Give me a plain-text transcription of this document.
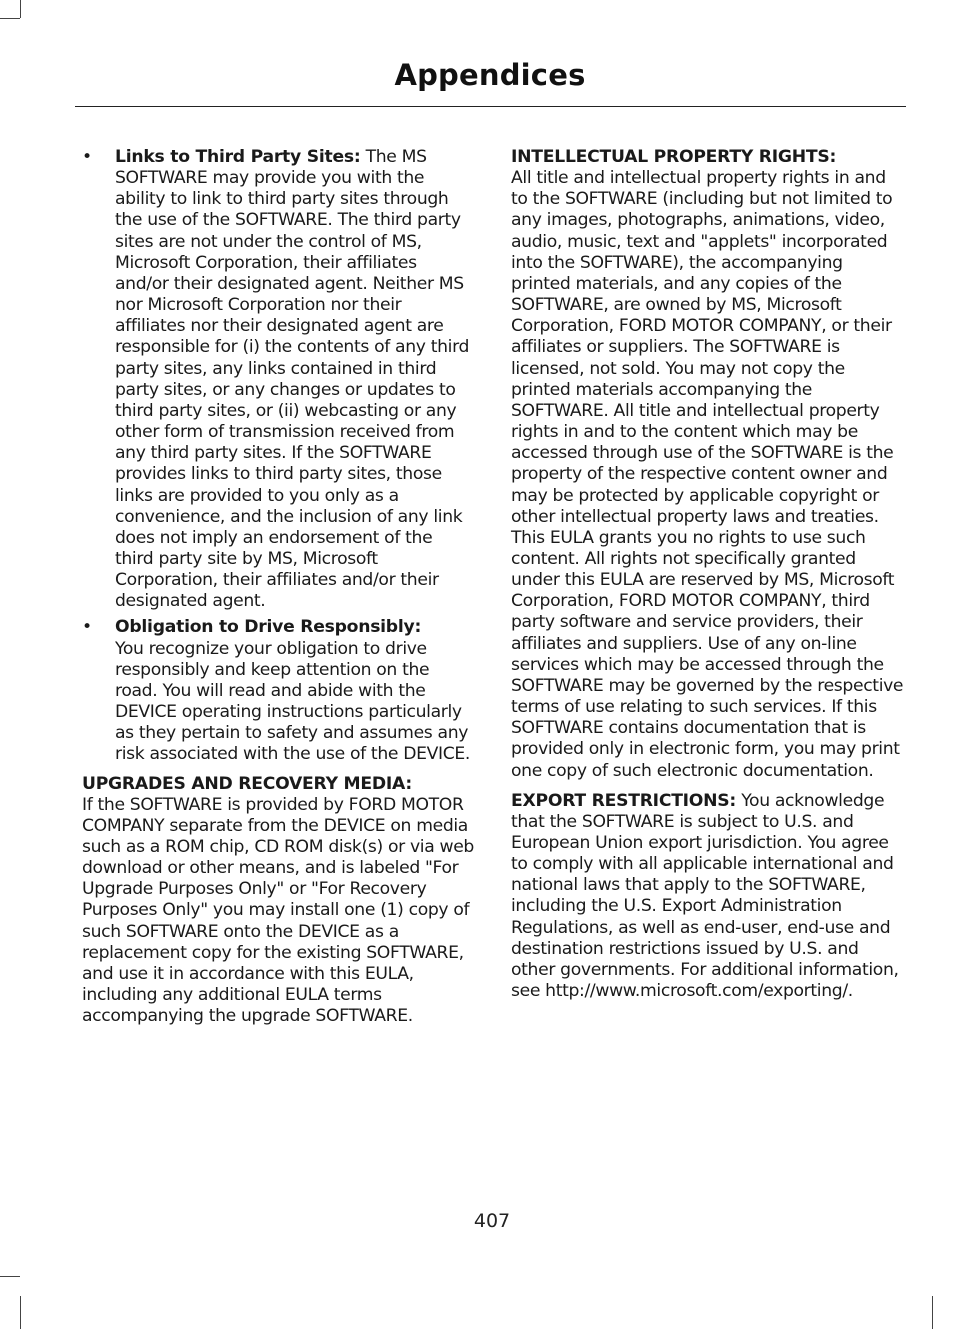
Appendices
• Links to Third Party Sites: The MS SOFTWARE may provide you with the ability to link to third party sites through the use of the SOFTWARE. The third party sites are not under the control of MS, Microsoft Corporation, their affiliates and/or their designated agent. Neither MS nor Microsoft Corporation nor their affiliates nor their designated agent are responsible for (i) the contents of any third party sites, any links contained in third party sites, or any changes or updates to third party sites, or (ii) webcasting or any other form of transmission received from any third party sites. If the SOFTWARE provides links to third party sites, those links are provided to you only as a convenience, and the inclusion of any link does not imply an endorsement of the third party site by MS, Microsoft Corporation, their affiliates and/or their designated agent.

• Obligation to Drive Responsibly:
You recognize your obligation to drive responsibly and keep attention on the road. You will read and abide with the DEVICE operating instructions particularly as they pertain to safety and assumes any risk associated with the use of the DEVICE.

UPGRADES AND RECOVERY MEDIA:
If the SOFTWARE is provided by FORD MOTOR COMPANY separate from the DEVICE on media such as a ROM chip, CD ROM disk(s) or via web download or other means, and is labeled "For Upgrade Purposes Only" or "For Recovery Purposes Only" you may install one (1) copy of such SOFTWARE onto the DEVICE as a replacement copy for the existing SOFTWARE, and use it in accordance with this EULA, including any additional EULA terms accompanying the upgrade SOFTWARE.

INTELLECTUAL PROPERTY RIGHTS:
All title and intellectual property rights in and to the SOFTWARE (including but not limited to any images, photographs, animations, video, audio, music, text and "applets" incorporated into the SOFTWARE), the accompanying printed materials, and any copies of the SOFTWARE, are owned by MS, Microsoft Corporation, FORD MOTOR COMPANY, or their affiliates or suppliers. The SOFTWARE is licensed, not sold. You may not copy the printed materials accompanying the SOFTWARE. All title and intellectual property rights in and to the content which may be accessed through use of the SOFTWARE is the property of the respective content owner and may be protected by applicable copyright or other intellectual property laws and treaties. This EULA grants you no rights to use such content. All rights not specifically granted under this EULA are reserved by MS, Microsoft Corporation, FORD MOTOR COMPANY, third party software and service providers, their affiliates and suppliers. Use of any on-line services which may be accessed through the SOFTWARE may be governed by the respective terms of use relating to such services. If this SOFTWARE contains documentation that is provided only in electronic form, you may print one copy of such electronic documentation.

EXPORT RESTRICTIONS: You acknowledge that the SOFTWARE is subject to U.S. and European Union export jurisdiction. You agree to comply with all applicable international and national laws that apply to the SOFTWARE, including the U.S. Export Administration Regulations, as well as end-user, end-use and destination restrictions issued by U.S. and other governments. For additional information, see http://www.microsoft.com/exporting/.

407
